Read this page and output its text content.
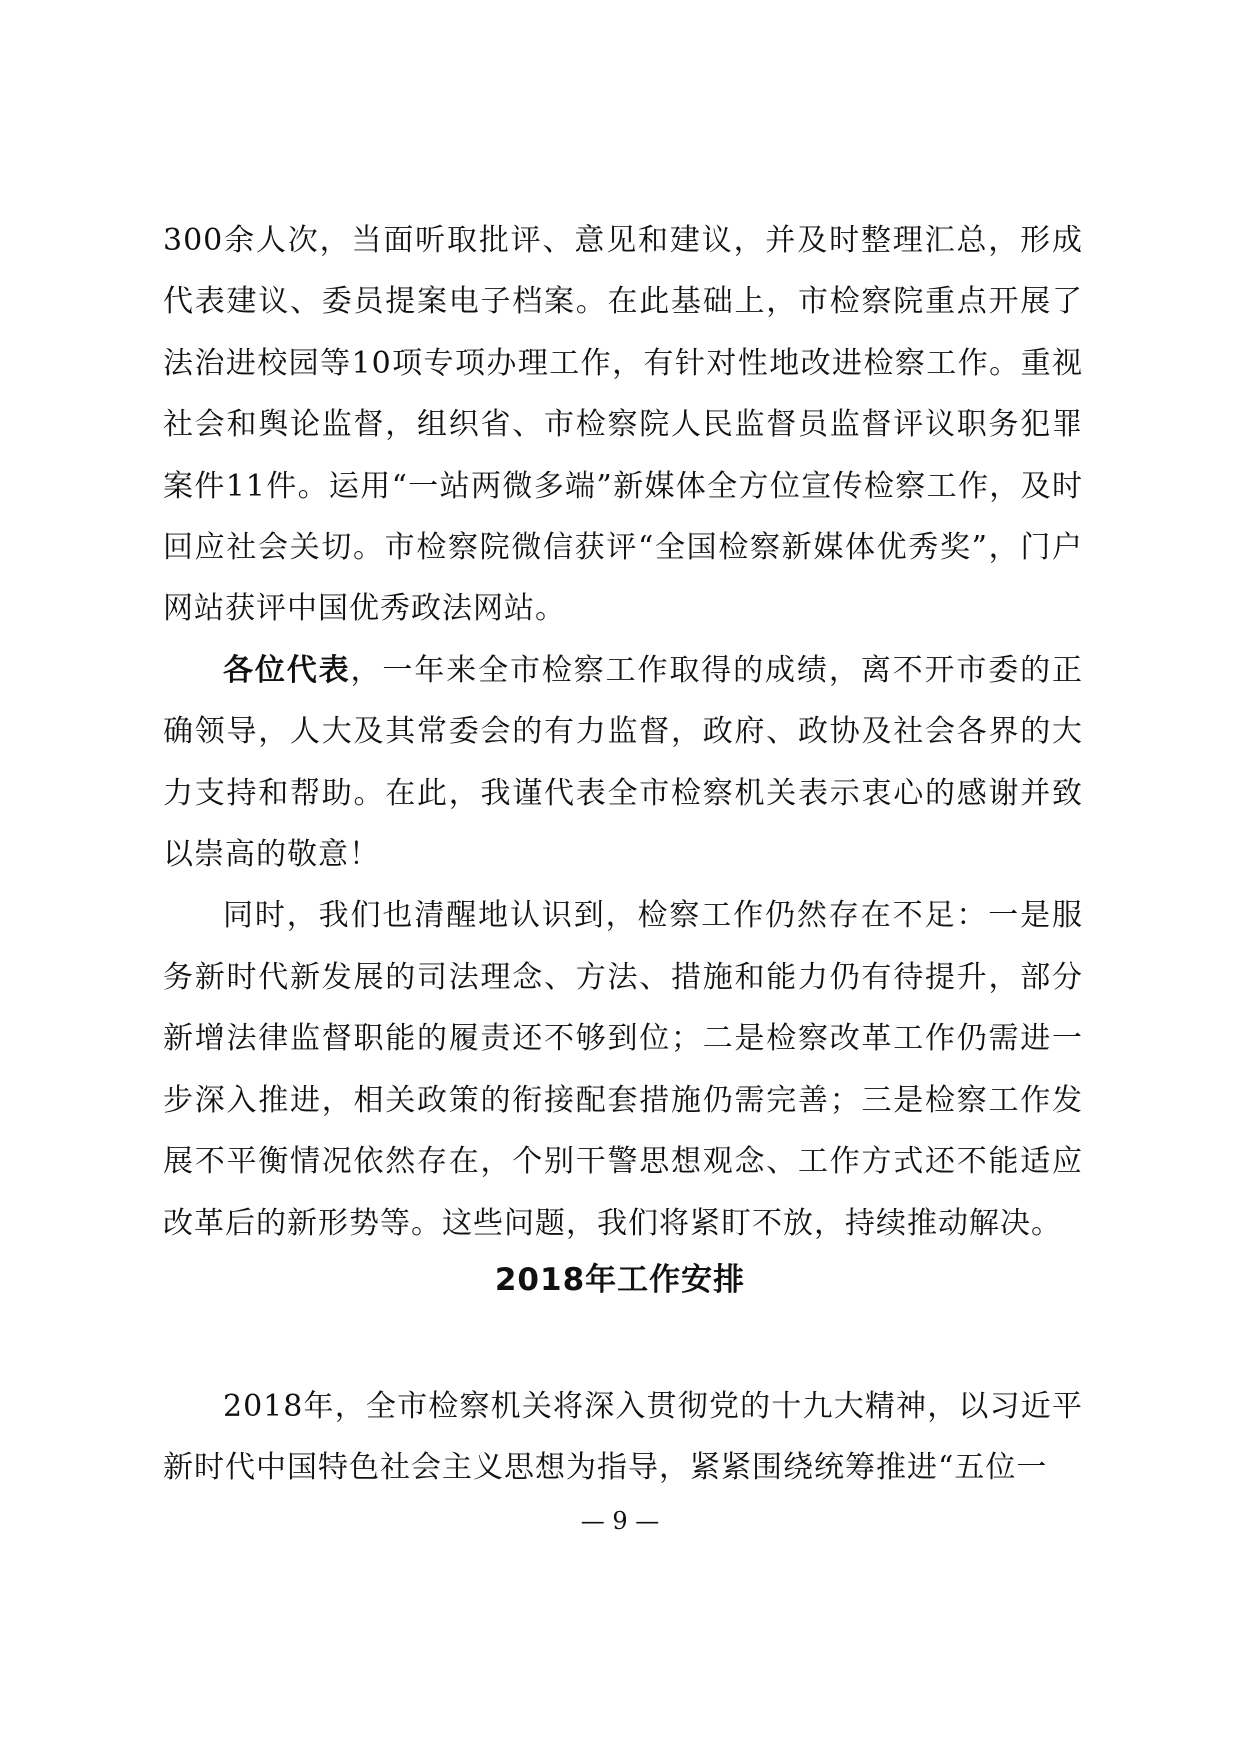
300余人次，当面听取批评、意见和建议，并及时整理汇总，形成代表建议、委员提案电子档案。在此基础上，市检察院重点开展了法治进校园等10项专项办理工作，有针对性地改进检察工作。重视社会和舆论监督，组织省、市检察院人民监督员监督评议职务犯罪案件11件。运用“一站两微多端”新媒体全方位宣传检察工作，及时回应社会关切。市检察院微信获评“全国检察新媒体优秀奖”，门户网站获评中国优秀政法网站。

各位代表，一年来全市检察工作取得的成绩，离不开市委的正确领导，人大及其常委会的有力监督，政府、政协及社会各界的大力支持和帮助。在此，我谨代表全市检察机关表示衷心的感谢并致以崇高的敬意！

同时，我们也清醒地认识到，检察工作仍然存在不足：一是服务新时代新发展的司法理念、方法、措施和能力仍有待提升，部分新增法律监督职能的履责还不够到位；二是检察改革工作仍需进一步深入推进，相关政策的衔接配套措施仍需完善；三是检察工作发展不平衡情况依然存在，个别干警思想观念、工作方式还不能适应改革后的新形势等。这些问题，我们将紧盯不放，持续推动解决。

2018年工作安排

2018年，全市检察机关将深入贯彻党的十九大精神，以习近平新时代中国特色社会主义思想为指导，紧紧围绕统筹推进“五位一

— 9 —
